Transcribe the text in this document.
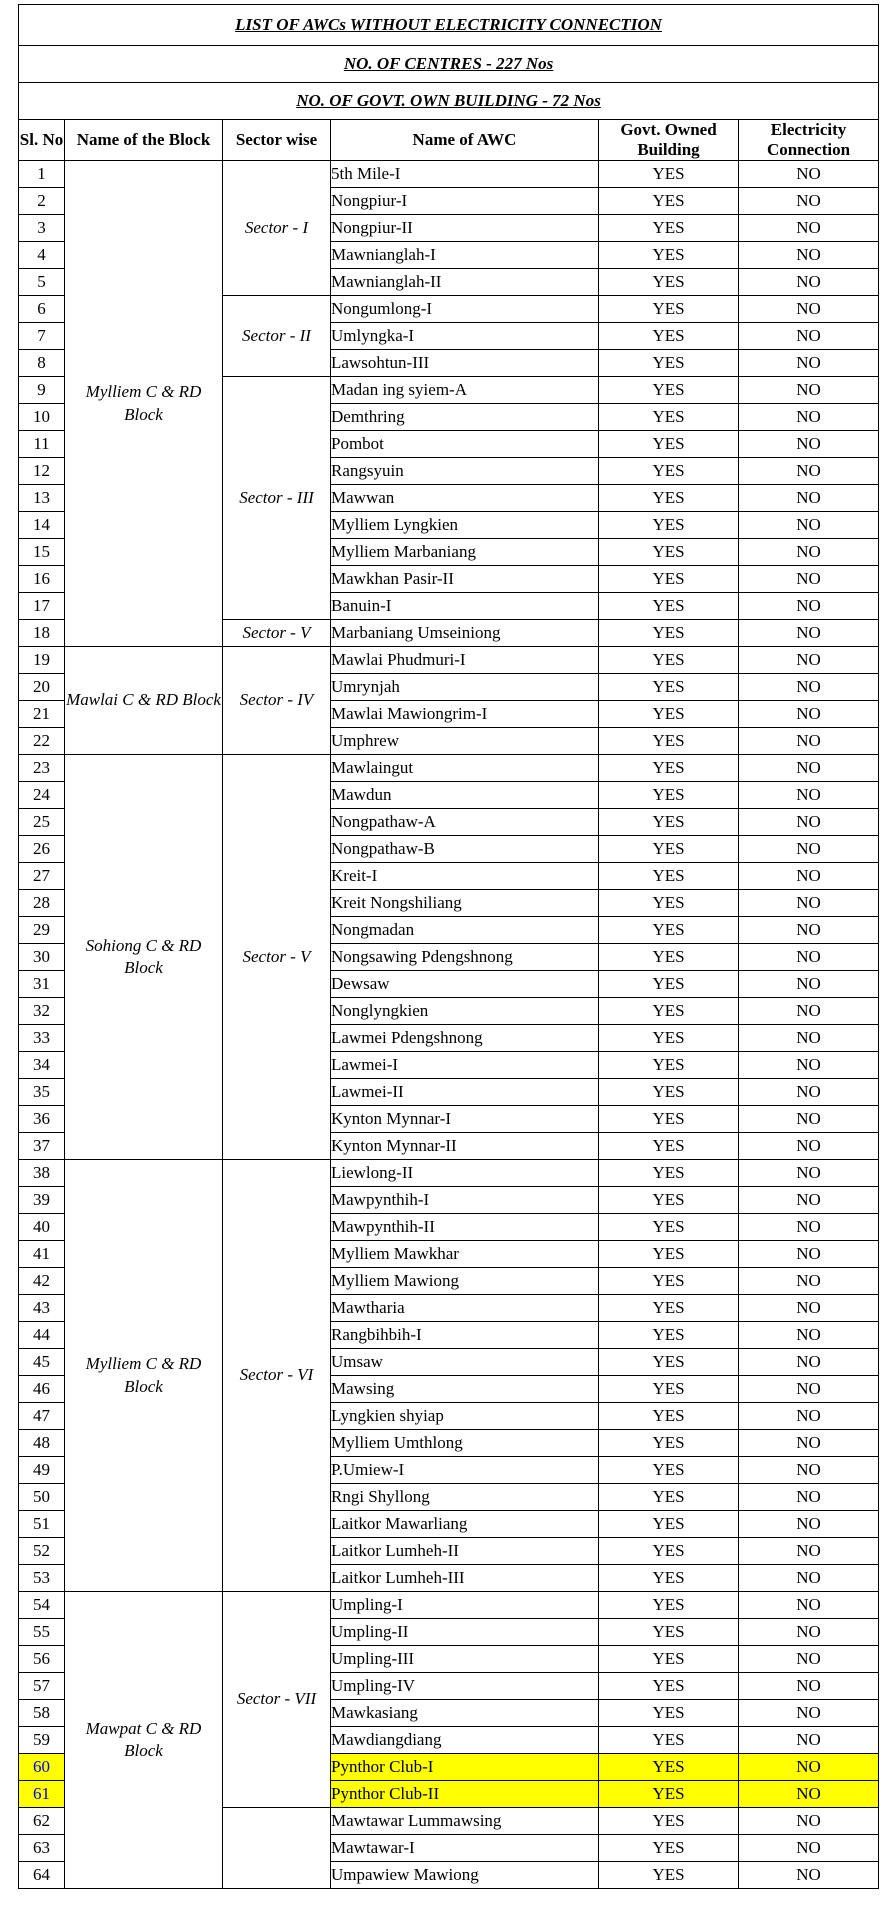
LIST OF AWCs WITHOUT ELECTRICITY CONNECTION					
NO. OF CENTRES - 227 Nos					
NO. OF GOVT. OWN BUILDING - 72 Nos					
Sl. No	Name of the Block	Sector wise	Name of AWC	Govt. Owned Building	Electricity Connection
1	Mylliem C & RD Block	Sector - I	5th Mile-I	YES	NO
2			Nongpiur-I	YES	NO
3			Nongpiur-II	YES	NO
4			Mawnianglah-I	YES	NO
5			Mawnianglah-II	YES	NO
6		Sector - II	Nongumlong-I	YES	NO
7			Umlyngka-I	YES	NO
8			Lawsohtun-III	YES	NO
9		Sector - III	Madan ing syiem-A	YES	NO
10			Demthring	YES	NO
11			Pombot	YES	NO
12			Rangsyuin	YES	NO
13			Mawwan	YES	NO
14			Mylliem Lyngkien	YES	NO
15			Mylliem Marbaniang	YES	NO
16			Mawkhan Pasir-II	YES	NO
17			Banuin-I	YES	NO
18		Sector - V	Marbaniang Umseiniong	YES	NO
19	Mawlai C & RD Block	Sector - IV	Mawlai Phudmuri-I	YES	NO
20			Umrynjah	YES	NO
21			Mawlai Mawiongrim-I	YES	NO
22			Umphrew	YES	NO
23	Sohiong C & RD Block	Sector - V	Mawlaingut	YES	NO
24			Mawdun	YES	NO
25			Nongpathaw-A	YES	NO
26			Nongpathaw-B	YES	NO
27			Kreit-I	YES	NO
28			Kreit Nongshiliang	YES	NO
29			Nongmadan	YES	NO
30			Nongsawing Pdengshnong	YES	NO
31			Dewsaw	YES	NO
32			Nonglyngkien	YES	NO
33			Lawmei Pdengshnong	YES	NO
34			Lawmei-I	YES	NO
35			Lawmei-II	YES	NO
36			Kynton Mynnar-I	YES	NO
37			Kynton Mynnar-II	YES	NO
38	Mylliem C & RD Block	Sector - VI	Liewlong-II	YES	NO
39			Mawpynthih-I	YES	NO
40			Mawpynthih-II	YES	NO
41			Mylliem Mawkhar	YES	NO
42			Mylliem Mawiong	YES	NO
43			Mawtharia	YES	NO
44			Rangbihbih-I	YES	NO
45			Umsaw	YES	NO
46			Mawsing	YES	NO
47			Lyngkien shyiap	YES	NO
48			Mylliem Umthlong	YES	NO
49			P.Umiew-I	YES	NO
50			Rngi Shyllong	YES	NO
51			Laitkor Mawarliang	YES	NO
52			Laitkor Lumheh-II	YES	NO
53			Laitkor Lumheh-III	YES	NO
54	Mawpat C & RD Block	Sector - VII	Umpling-I	YES	NO
55			Umpling-II	YES	NO
56			Umpling-III	YES	NO
57			Umpling-IV	YES	NO
58			Mawkasiang	YES	NO
59			Mawdiangdiang	YES	NO
60			Pynthor Club-I	YES	NO
61			Pynthor Club-II	YES	NO
62			Mawtawar Lummawsing	YES	NO
63			Mawtawar-I	YES	NO
64			Umpawiew Mawiong	YES	NO
